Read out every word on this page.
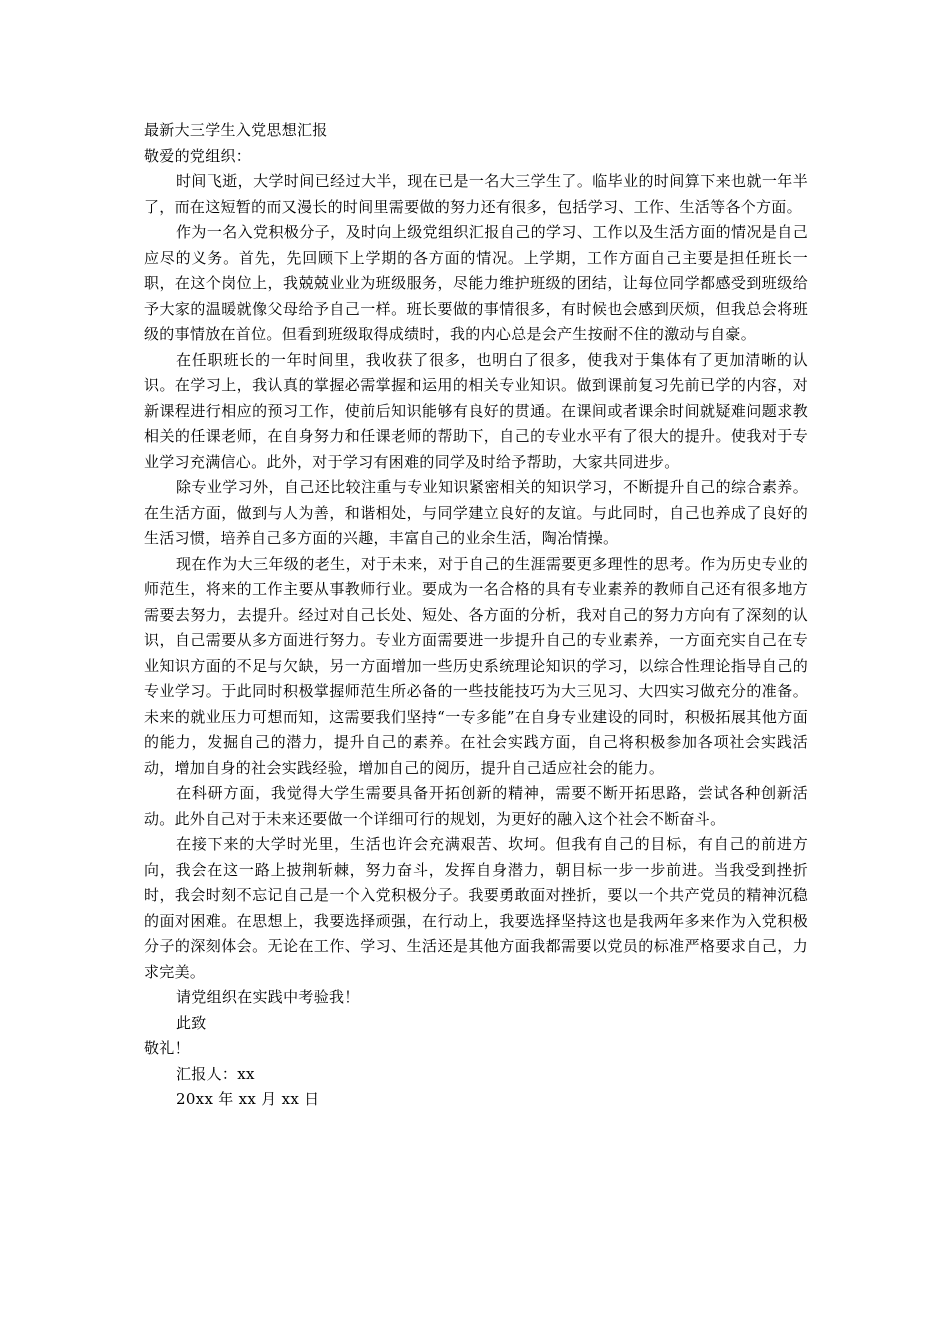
最新大三学生入党思想汇报

敬爱的党组织：

时间飞逝，大学时间已经过大半，现在已是一名大三学生了。临毕业的时间算下来也就一年半了，而在这短暂的而又漫长的时间里需要做的努力还有很多，包括学习、工作、生活等各个方面。

作为一名入党积极分子，及时向上级党组织汇报自己的学习、工作以及生活方面的情况是自己应尽的义务。首先，先回顾下上学期的各方面的情况。上学期，工作方面自己主要是担任班长一职，在这个岗位上，我兢兢业业为班级服务，尽能力维护班级的团结，让每位同学都感受到班级给予大家的温暖就像父母给予自己一样。班长要做的事情很多，有时候也会感到厌烦，但我总会将班级的事情放在首位。但看到班级取得成绩时，我的内心总是会产生按耐不住的激动与自豪。

在任职班长的一年时间里，我收获了很多，也明白了很多，使我对于集体有了更加清晰的认识。在学习上，我认真的掌握必需掌握和运用的相关专业知识。做到课前复习先前已学的内容，对新课程进行相应的预习工作，使前后知识能够有良好的贯通。在课间或者课余时间就疑难问题求教相关的任课老师，在自身努力和任课老师的帮助下，自己的专业水平有了很大的提升。使我对于专业学习充满信心。此外，对于学习有困难的同学及时给予帮助，大家共同进步。

除专业学习外，自己还比较注重与专业知识紧密相关的知识学习，不断提升自己的综合素养。在生活方面，做到与人为善，和谐相处，与同学建立良好的友谊。与此同时，自己也养成了良好的生活习惯，培养自己多方面的兴趣，丰富自己的业余生活，陶冶情操。

现在作为大三年级的老生，对于未来，对于自己的生涯需要更多理性的思考。作为历史专业的师范生，将来的工作主要从事教师行业。要成为一名合格的具有专业素养的教师自己还有很多地方需要去努力，去提升。经过对自己长处、短处、各方面的分析，我对自己的努力方向有了深刻的认识，自己需要从多方面进行努力。专业方面需要进一步提升自己的专业素养，一方面充实自己在专业知识方面的不足与欠缺，另一方面增加一些历史系统理论知识的学习，以综合性理论指导自己的专业学习。于此同时积极掌握师范生所必备的一些技能技巧为大三见习、大四实习做充分的准备。未来的就业压力可想而知，这需要我们坚持“一专多能”在自身专业建设的同时，积极拓展其他方面的能力，发掘自己的潜力，提升自己的素养。在社会实践方面，自己将积极参加各项社会实践活动，增加自身的社会实践经验，增加自己的阅历，提升自己适应社会的能力。

在科研方面，我觉得大学生需要具备开拓创新的精神，需要不断开拓思路，尝试各种创新活动。此外自己对于未来还要做一个详细可行的规划，为更好的融入这个社会不断奋斗。

在接下来的大学时光里，生活也许会充满艰苦、坎坷。但我有自己的目标，有自己的前进方向，我会在这一路上披荆斩棘，努力奋斗，发挥自身潜力，朝目标一步一步前进。当我受到挫折时，我会时刻不忘记自己是一个入党积极分子。我要勇敢面对挫折，要以一个共产党员的精神沉稳的面对困难。在思想上，我要选择顽强，在行动上，我要选择坚持这也是我两年多来作为入党积极分子的深刻体会。无论在工作、学习、生活还是其他方面我都需要以党员的标准严格要求自己，力求完美。

请党组织在实践中考验我！

此致

敬礼！

汇报人：xx

20xx 年 xx 月 xx 日
